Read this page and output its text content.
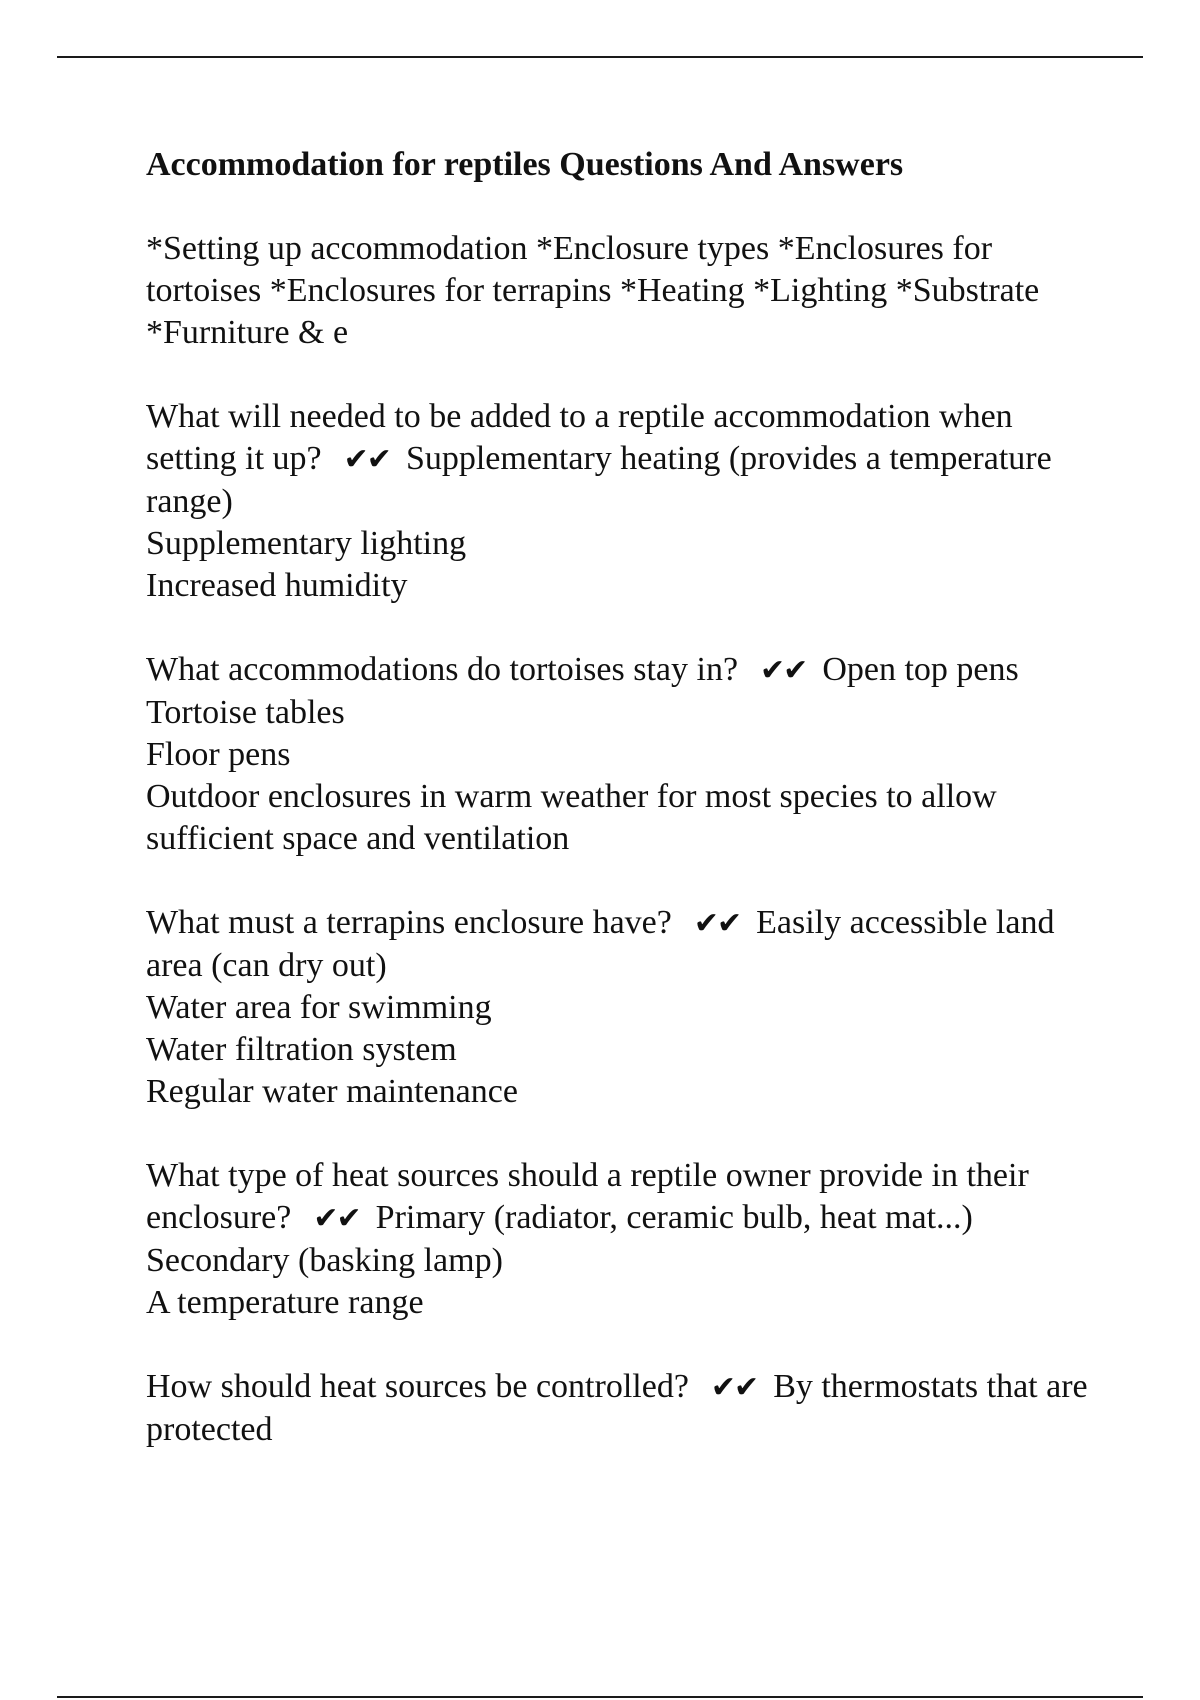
Accommodation for reptiles Questions And Answers
*Setting up accommodation *Enclosure types *Enclosures for tortoises *Enclosures for terrapins *Heating *Lighting *Substrate *Furniture & e
What will needed to be added to a reptile accommodation when setting it up? ✔✔ Supplementary heating (provides a temperature range)
Supplementary lighting
Increased humidity
What accommodations do tortoises stay in? ✔✔ Open top pens
Tortoise tables
Floor pens
Outdoor enclosures in warm weather for most species to allow sufficient space and ventilation
What must a terrapins enclosure have? ✔✔ Easily accessible land area (can dry out)
Water area for swimming
Water filtration system
Regular water maintenance
What type of heat sources should a reptile owner provide in their enclosure? ✔✔ Primary (radiator, ceramic bulb, heat mat...)
Secondary (basking lamp)
A temperature range
How should heat sources be controlled? ✔✔ By thermostats that are protected
